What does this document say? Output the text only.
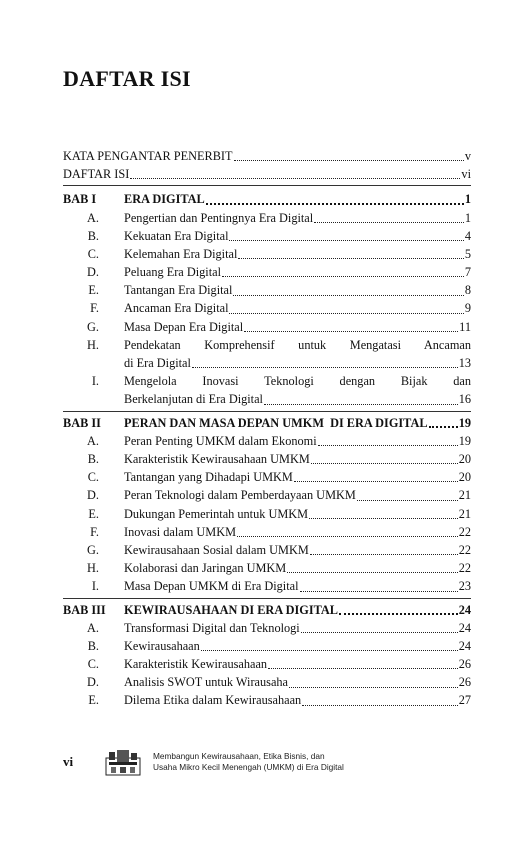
DAFTAR ISI
KATA PENGANTAR PENERBIT	v
DAFTAR ISI	vi
BAB I	ERA DIGITAL	1
A.	Pengertian dan Pentingnya Era Digital	1
B.	Kekuatan Era Digital	4
C.	Kelemahan Era Digital	5
D.	Peluang Era Digital	7
E.	Tantangan Era Digital	8
F.	Ancaman Era Digital	9
G.	Masa Depan Era Digital	11
H.	Pendekatan Komprehensif untuk Mengatasi Ancaman
di Era Digital	13
I.	Mengelola Inovasi Teknologi dengan Bijak dan
Berkelanjutan di Era Digital	16
BAB II	PERAN DAN MASA DEPAN UMKM  DI ERA DIGITAL	19
A.	Peran Penting UMKM dalam Ekonomi	19
B.	Karakteristik Kewirausahaan UMKM	20
C.	Tantangan yang Dihadapi UMKM	20
D.	Peran Teknologi dalam Pemberdayaan UMKM	21
E.	Dukungan Pemerintah untuk UMKM	21
F.	Inovasi dalam UMKM	22
G.	Kewirausahaan Sosial dalam UMKM	22
H.	Kolaborasi dan Jaringan UMKM	22
I.	Masa Depan UMKM di Era Digital	23
BAB III	KEWIRAUSAHAAN DI ERA DIGITAL	24
A.	Transformasi Digital dan Teknologi	24
B.	Kewirausahaan	24
C.	Karakteristik Kewirausahaan	26
D.	Analisis SWOT untuk Wirausaha	26
E.	Dilema Etika dalam Kewirausahaan	27
vi	Membangun Kewirausahaan, Etika Bisnis, dan
Usaha Mikro Kecil Menengah (UMKM) di Era Digital
